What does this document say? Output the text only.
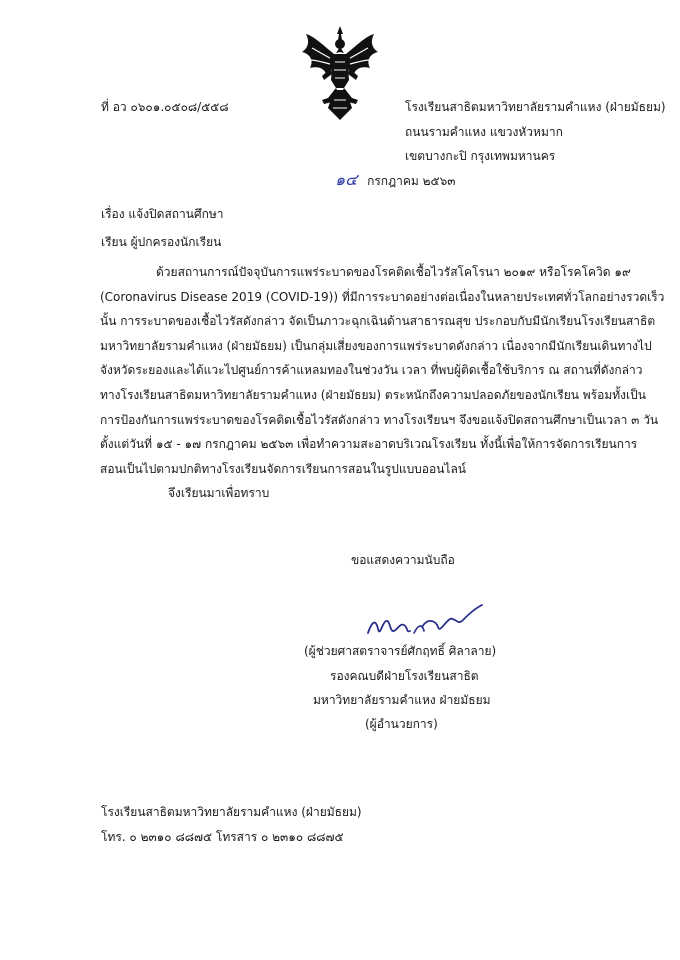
ที่ อว ๐๖๐๑.๐๕๐๘/๕๕๘	โรงเรียนสาธิตมหาวิทยาลัยรามคำแหง (ฝ่ายมัธยม)
ถนนรามคำแหง แขวงหัวหมาก
เขตบางกะปิ กรุงเทพมหานคร
๑๔ กรกฎาคม ๒๕๖๓
เรื่อง แจ้งปิดสถานศึกษา
เรียน ผู้ปกครองนักเรียน
ด้วยสถานการณ์ปัจจุบันการแพร่ระบาดของโรคติดเชื้อไวรัสโคโรนา ๒๐๑๙ หรือโรคโควิด ๑๙
(Coronavirus Disease 2019 (COVID-19)) ที่มีการระบาดอย่างต่อเนื่องในหลายประเทศทั่วโลกอย่างรวดเร็ว
นั้น การระบาดของเชื้อไวรัสดังกล่าว จัดเป็นภาวะฉุกเฉินด้านสาธารณสุข ประกอบกับมีนักเรียนโรงเรียนสาธิต
มหาวิทยาลัยรามคำแหง (ฝ่ายมัธยม) เป็นกลุ่มเสี่ยงของการแพร่ระบาดดังกล่าว เนื่องจากมีนักเรียนเดินทางไป
จังหวัดระยองและได้แวะไปศูนย์การค้าแหลมทองในช่วงวัน เวลา ที่พบผู้ติดเชื้อใช้บริการ ณ สถานที่ดังกล่าว
ทางโรงเรียนสาธิตมหาวิทยาลัยรามคำแหง (ฝ่ายมัธยม) ตระหนักถึงความปลอดภัยของนักเรียน พร้อมทั้งเป็น
การป้องกันการแพร่ระบาดของโรคติดเชื้อไวรัสดังกล่าว ทางโรงเรียนฯ จึงขอแจ้งปิดสถานศึกษาเป็นเวลา ๓ วัน
ตั้งแต่วันที่ ๑๕ - ๑๗ กรกฎาคม ๒๕๖๓ เพื่อทำความสะอาดบริเวณโรงเรียน ทั้งนี้เพื่อให้การจัดการเรียนการ
สอนเป็นไปตามปกติทางโรงเรียนจัดการเรียนการสอนในรูปแบบออนไลน์
จึงเรียนมาเพื่อทราบ
ขอแสดงความนับถือ
(ผู้ช่วยศาสตราจารย์ศักฤทธิ์ ศิลาลาย)
รองคณบดีฝ่ายโรงเรียนสาธิต
มหาวิทยาลัยรามคำแหง ฝ่ายมัธยม
(ผู้อำนวยการ)
โรงเรียนสาธิตมหาวิทยาลัยรามคำแหง (ฝ่ายมัธยม)
โทร. ๐ ๒๓๑๐ ๘๘๗๕ โทรสาร ๐ ๒๓๑๐ ๘๘๗๕
